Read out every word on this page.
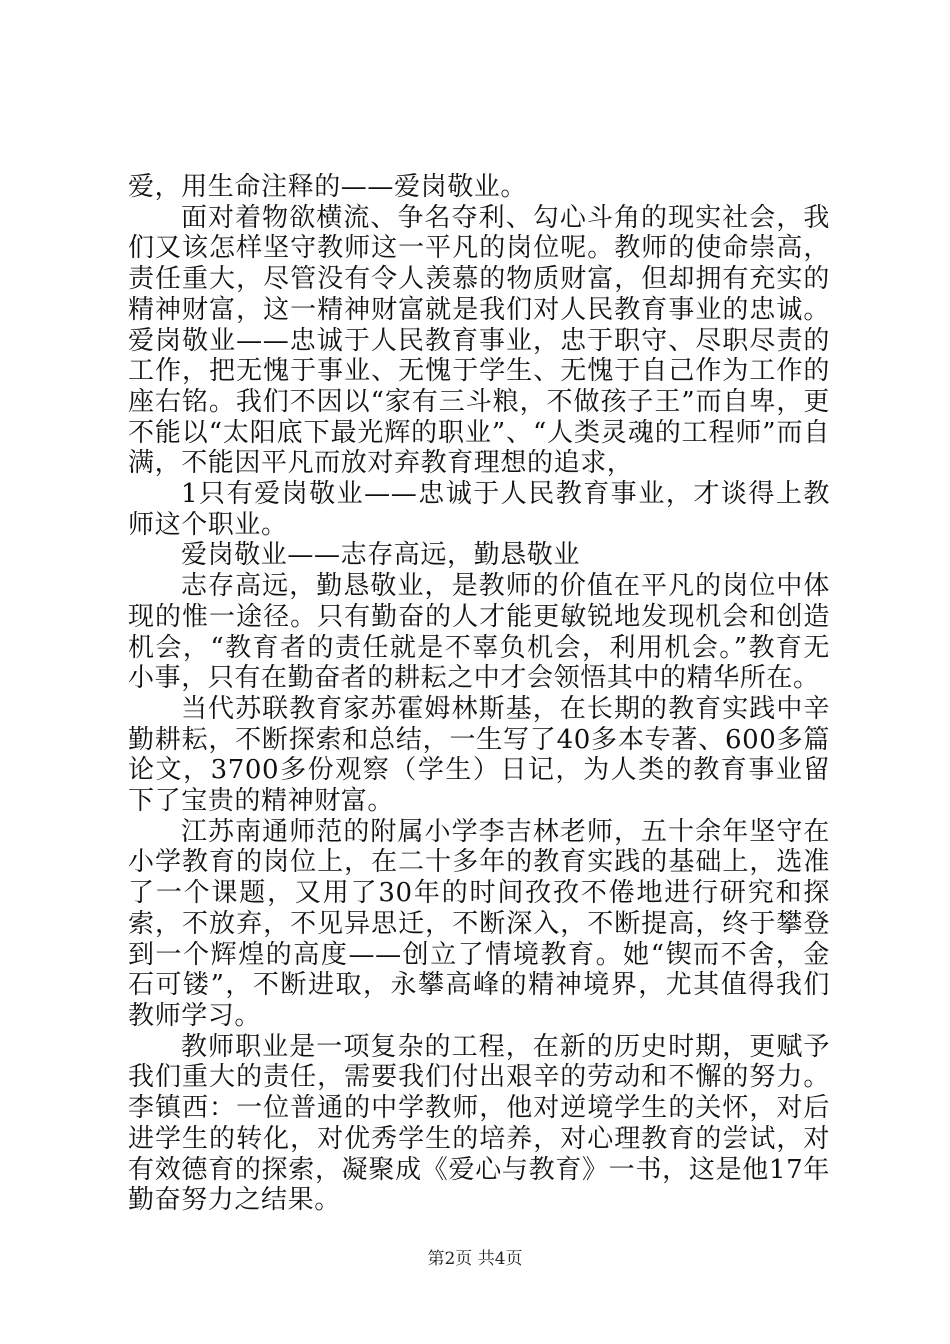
爱，用生命注释的——爱岗敬业。

面对着物欲横流、争名夺利、勾心斗角的现实社会，我们又该怎样坚守教师这一平凡的岗位呢。教师的使命崇高，责任重大，尽管没有令人羡慕的物质财富，但却拥有充实的精神财富，这一精神财富就是我们对人民教育事业的忠诚。爱岗敬业——忠诚于人民教育事业，忠于职守、尽职尽责的工作，把无愧于事业、无愧于学生、无愧于自己作为工作的座右铭。我们不因以“家有三斗粮，不做孩子王”而自卑，更不能以“太阳底下最光辉的职业”、“人类灵魂的工程师”而自满，不能因平凡而放对弃教育理想的追求，

1只有爱岗敬业——忠诚于人民教育事业，才谈得上教师这个职业。

爱岗敬业——志存高远，勤恳敬业

志存高远，勤恳敬业，是教师的价值在平凡的岗位中体现的惟一途径。只有勤奋的人才能更敏锐地发现机会和创造机会，“教育者的责任就是不辜负机会，利用机会。”教育无小事，只有在勤奋者的耕耘之中才会领悟其中的精华所在。

当代苏联教育家苏霍姆林斯基，在长期的教育实践中辛勤耕耘，不断探索和总结，一生写了40多本专著、600多篇论文，3700多份观察（学生）日记，为人类的教育事业留下了宝贵的精神财富。

江苏南通师范的附属小学李吉林老师，五十余年坚守在小学教育的岗位上，在二十多年的教育实践的基础上，选准了一个课题，又用了30年的时间孜孜不倦地进行研究和探索，不放弃，不见异思迁，不断深入，不断提高，终于攀登到一个辉煌的高度——创立了情境教育。她“锲而不舍，金石可镂”，不断进取，永攀高峰的精神境界，尤其值得我们教师学习。

教师职业是一项复杂的工程，在新的历史时期，更赋予我们重大的责任，需要我们付出艰辛的劳动和不懈的努力。李镇西：一位普通的中学教师，他对逆境学生的关怀，对后进学生的转化，对优秀学生的培养，对心理教育的尝试，对有效德育的探索，凝聚成《爱心与教育》一书，这是他17年勤奋努力之结果。

第2页 共4页
